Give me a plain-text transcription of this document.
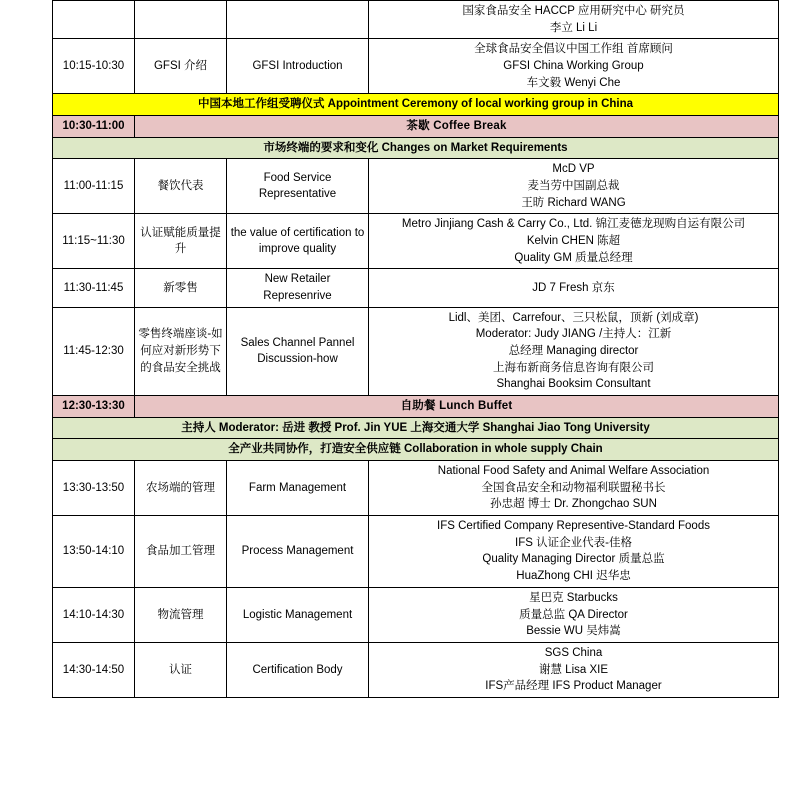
			国家食品安全 HACCP 应用研究中心 研究员
李立 Li Li

10:15-10:30	GFSI 介绍	GFSI Introduction	全球食品安全倡议中国工作组 首席顾问
GFSI China Working Group
车文毅 Wenyi Che

中国本地工作组受聘仪式 Appointment Ceremony of local working group in China			
10:30-11:00	茶歇 Coffee Break		
市场终端的要求和变化 Changes on Market Requirements			
11:00-11:15	餐饮代表	Food Service Representative	McD VP
麦当劳中国副总裁
王昉 Richard WANG

11:15~11:30	认证赋能质量提升	the value of certification to improve quality	Metro Jinjiang Cash & Carry Co., Ltd. 锦江麦德龙现购自运有限公司
Kelvin CHEN 陈超
Quality GM 质量总经理

11:30-11:45	新零售	New Retailer Represenrive	JD 7 Fresh 京东

11:45-12:30	零售终端座谈-如何应对新形势下的食品安全挑战	Sales Channel Pannel Discussion-how	Lidl、美团、Carrefour、三只松鼠，顶新 (刘成章)
Moderator: Judy JIANG /主持人：江新
总经理 Managing director
上海布新商务信息咨询有限公司
Shanghai Booksim Consultant

12:30-13:30	自助餐 Lunch Buffet		
主持人 Moderator: 岳进 教授 Prof. Jin YUE 上海交通大学 Shanghai Jiao Tong University			
全产业共同协作，打造安全供应链 Collaboration in whole supply Chain			
13:30-13:50	农场端的管理	Farm Management	National Food Safety and Animal Welfare Association
全国食品安全和动物福利联盟秘书长
孙忠超 博士 Dr. Zhongchao SUN

13:50-14:10	食品加工管理	Process Management	IFS Certified Company Representive-Standard Foods
IFS 认证企业代表-佳格
Quality Managing Director 质量总监
HuaZhong CHI 迟华忠

14:10-14:30	物流管理	Logistic Management	星巴克 Starbucks
质量总监 QA Director
Bessie WU 吴炜嵩

14:30-14:50	认证	Certification Body	SGS China
谢慧 Lisa XIE
IFS产品经理 IFS Product Manager
